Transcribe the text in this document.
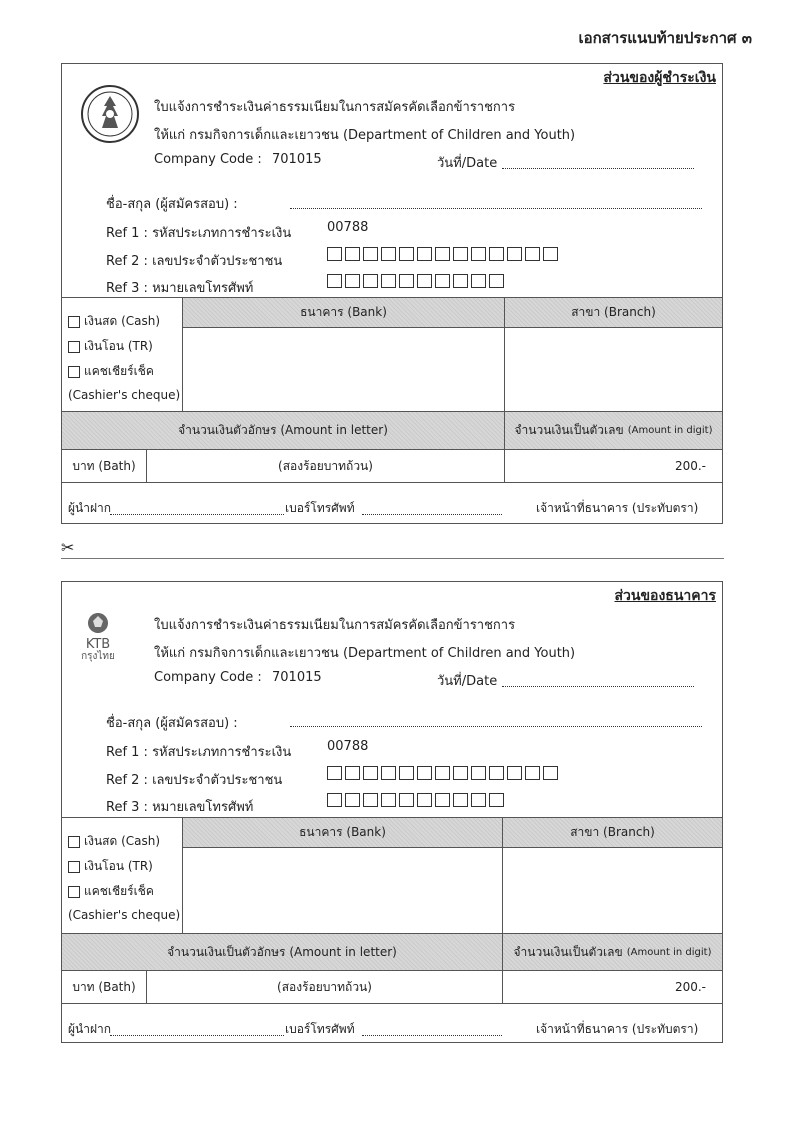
เอกสารแนบท้ายประกาศ ๓
ส่วนของผู้ชำระเงิน
ใบแจ้งการชำระเงินค่าธรรมเนียมในการสมัครคัดเลือกข้าราชการ
ให้แก่ กรมกิจการเด็กและเยาวชน (Department of Children and Youth)
Company Code : 701015	วันที่/Date
ชื่อ-สกุล (ผู้สมัครสอบ) :
Ref 1 : รหัสประเภทการชำระเงิน	00788
Ref 2 : เลขประจำตัวประชาชน
Ref 3 : หมายเลขโทรศัพท์
เงินสด (Cash)
เงินโอน (TR)
แคชเชียร์เช็ค
(Cashier's cheque)
ธนาคาร (Bank)	สาขา (Branch)
จำนวนเงินตัวอักษร (Amount in letter)	จำนวนเงินเป็นตัวเลข (Amount in digit)
บาท (Bath)	(สองร้อยบาทถ้วน)	200.-
ผู้นำฝาก	เบอร์โทรศัพท์	เจ้าหน้าที่ธนาคาร (ประทับตรา)
✂
ส่วนของธนาคาร
KTB
กรุงไทย
ใบแจ้งการชำระเงินค่าธรรมเนียมในการสมัครคัดเลือกข้าราชการ
ให้แก่ กรมกิจการเด็กและเยาวชน (Department of Children and Youth)
Company Code : 701015	วันที่/Date
ชื่อ-สกุล (ผู้สมัครสอบ) :
Ref 1 : รหัสประเภทการชำระเงิน	00788
Ref 2 : เลขประจำตัวประชาชน
Ref 3 : หมายเลขโทรศัพท์
เงินสด (Cash)
เงินโอน (TR)
แคชเชียร์เช็ค
(Cashier's cheque)
ธนาคาร (Bank)	สาขา (Branch)
จำนวนเงินเป็นตัวอักษร (Amount in letter)	จำนวนเงินเป็นตัวเลข (Amount in digit)
บาท (Bath)	(สองร้อยบาทถ้วน)	200.-
ผู้นำฝาก	เบอร์โทรศัพท์	เจ้าหน้าที่ธนาคาร (ประทับตรา)
